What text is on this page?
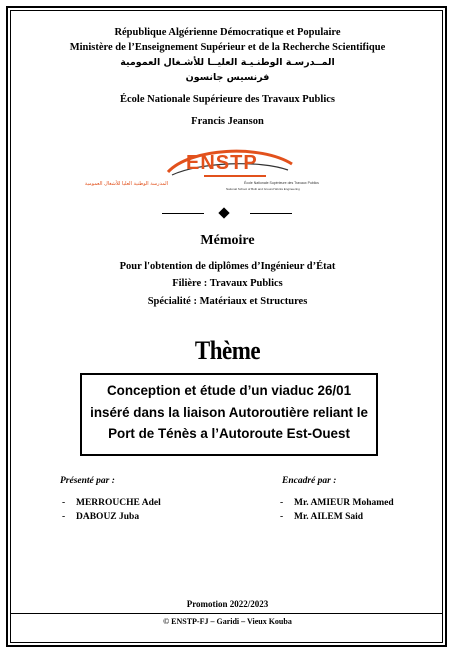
République Algérienne Démocratique et Populaire
Ministère de l’Enseignement Supérieur et de la Recherche Scientifique
المــدرسـة الوطنـيـة العليــا للأشـغال العمومية
فرنسيس جانسون
École Nationale Supérieure des Travaux Publics
Francis Jeanson
ENSTP
المدرسة الوطنية العليا للأشغال العمومية	École Nationale Supérieure des Travaux Publics
National School of Built and Ground Works Engineering
Mémoire
Pour l'obtention de diplômes d’Ingénieur d’État
Filière : Travaux Publics
Spécialité : Matériaux et Structures
Thème
Conception et étude d’un viaduc 26/01
inséré dans la liaison Autoroutière reliant le
Port de Ténès a l’Autoroute Est-Ouest
Présenté par :	Encadré par :
- MERROUCHE Adel
- DABOUZ Juba
- Mr. AMIEUR Mohamed
- Mr. AILEM Said
Promotion 2022/2023
© ENSTP-FJ – Garidi – Vieux Kouba
